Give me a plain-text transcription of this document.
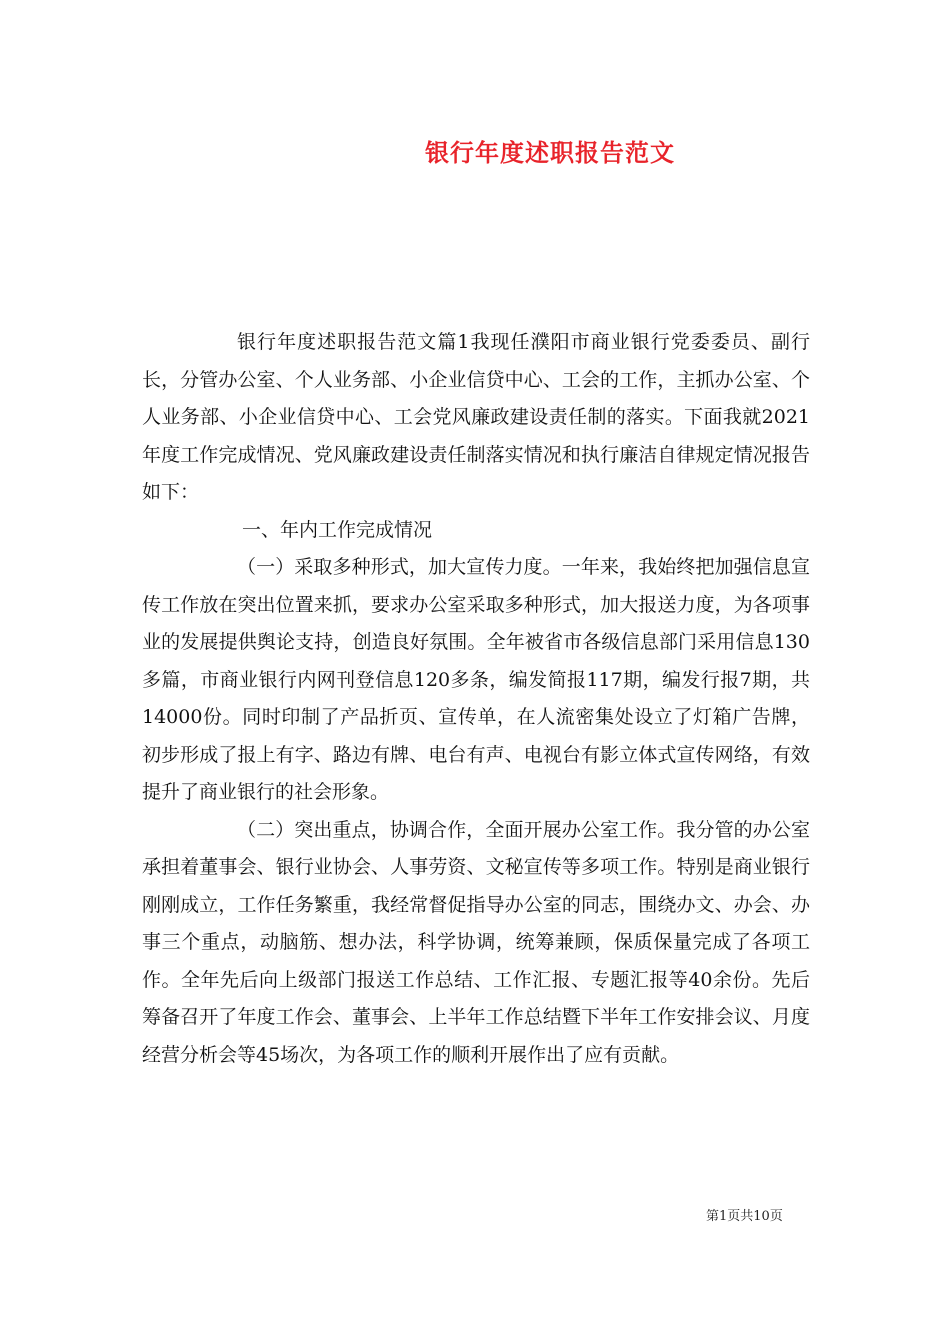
银行年度述职报告范文

银行年度述职报告范文篇1我现任濮阳市商业银行党委委员、副行长，分管办公室、个人业务部、小企业信贷中心、工会的工作，主抓办公室、个人业务部、小企业信贷中心、工会党风廉政建设责任制的落实。下面我就2021年度工作完成情况、党风廉政建设责任制落实情况和执行廉洁自律规定情况报告如下：

一、年内工作完成情况

（一）采取多种形式，加大宣传力度。一年来，我始终把加强信息宣传工作放在突出位置来抓，要求办公室采取多种形式，加大报送力度，为各项事业的发展提供舆论支持，创造良好氛围。全年被省市各级信息部门采用信息130多篇，市商业银行内网刊登信息120多条，编发简报117期，编发行报7期，共14000份。同时印制了产品折页、宣传单，在人流密集处设立了灯箱广告牌，初步形成了报上有字、路边有牌、电台有声、电视台有影立体式宣传网络，有效提升了商业银行的社会形象。

（二）突出重点，协调合作，全面开展办公室工作。我分管的办公室承担着董事会、银行业协会、人事劳资、文秘宣传等多项工作。特别是商业银行刚刚成立，工作任务繁重，我经常督促指导办公室的同志，围绕办文、办会、办事三个重点，动脑筋、想办法，科学协调，统筹兼顾，保质保量完成了各项工作。全年先后向上级部门报送工作总结、工作汇报、专题汇报等40余份。先后筹备召开了年度工作会、董事会、上半年工作总结暨下半年工作安排会议、月度经营分析会等45场次，为各项工作的顺利开展作出了应有贡献。

第1页共10页
